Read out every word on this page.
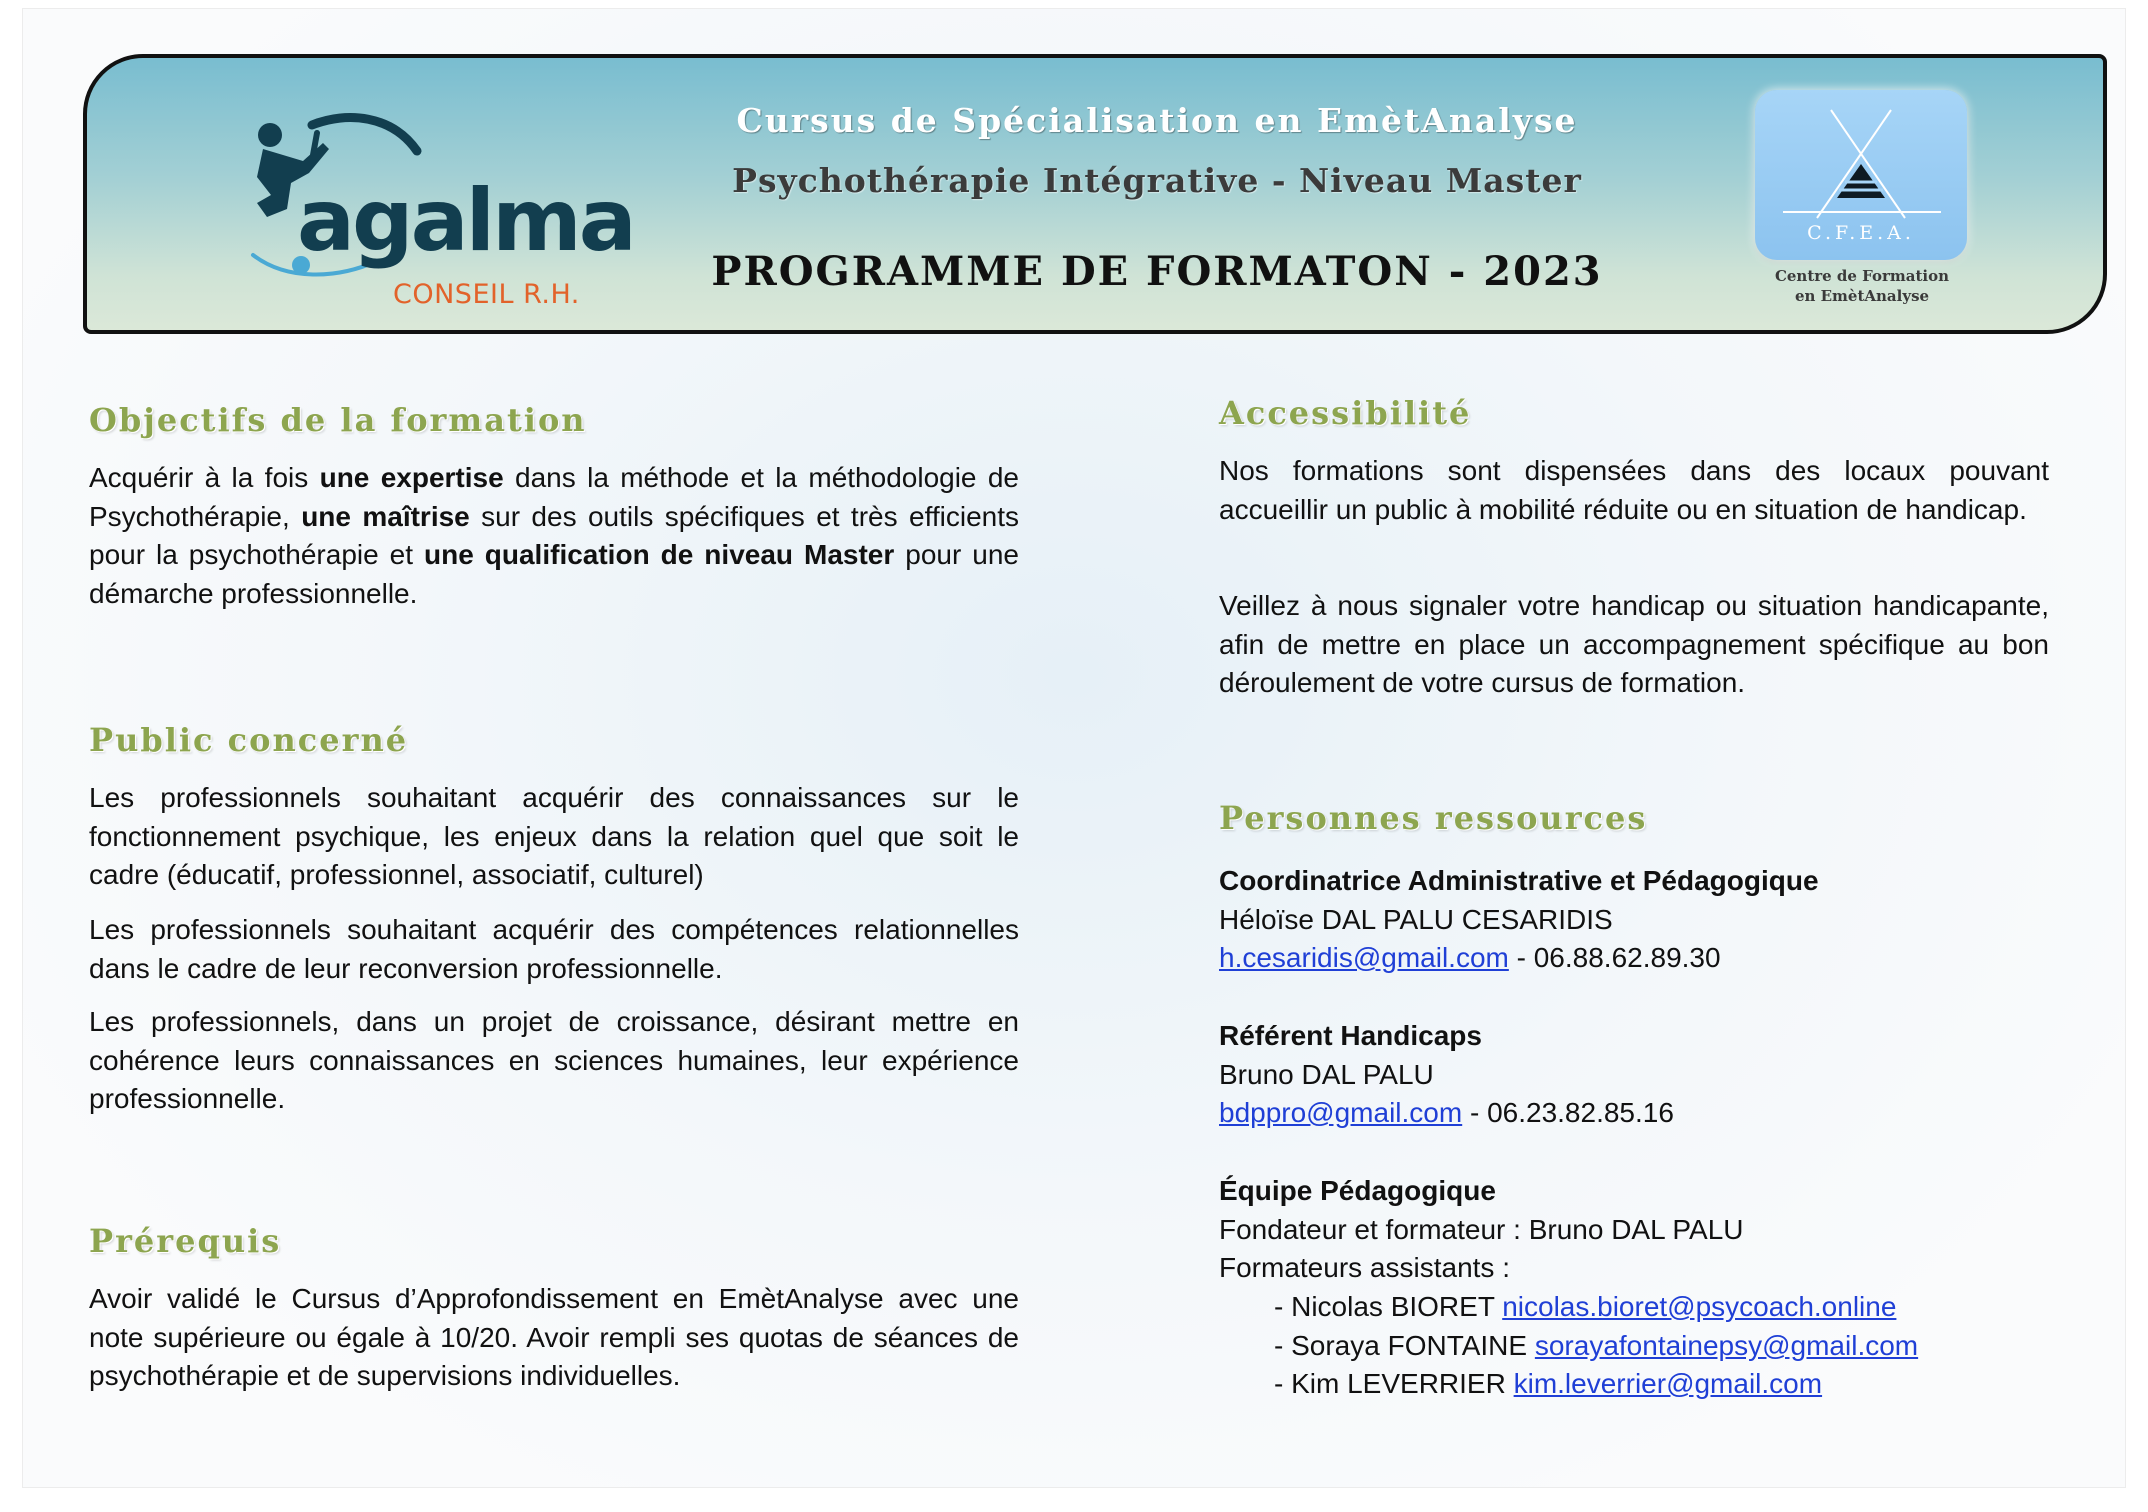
agalma
CONSEIL R.H.
Cursus de Spécialisation en EmètAnalyse
Psychothérapie Intégrative - Niveau Master
PROGRAMME DE FORMATON - 2023
C.F.E.A.
Centre de Formation
en EmètAnalyse
Objectifs de la formation

Acquérir à la fois une expertise dans la méthode et la méthodologie de Psychothérapie, une maîtrise sur des outils spécifiques et très efficients pour la psychothérapie et une qualification de niveau Master pour une démarche professionnelle.

Public concerné

Les professionnels souhaitant acquérir des connaissances sur le fonctionnement psychique, les enjeux dans la relation quel que soit le cadre (éducatif, professionnel, associatif, culturel)

Les professionnels souhaitant acquérir des compétences relationnelles dans le cadre de leur reconversion professionnelle.

Les professionnels, dans un projet de croissance, désirant mettre en cohérence leurs connaissances en sciences humaines, leur expérience professionnelle.

Prérequis

Avoir validé le Cursus d’Approfondissement en EmètAnalyse avec une note supérieure ou égale à 10/20. Avoir rempli ses quotas de séances de psychothérapie et de supervisions individuelles.

Accessibilité

Nos formations sont dispensées dans des locaux pouvant accueillir un public à mobilité réduite ou en situation de handicap.

Veillez à nous signaler votre handicap ou situation handicapante, afin de mettre en place un accompagnement spécifique au bon déroulement de votre cursus de formation.

Personnes ressources
Coordinatrice Administrative et Pédagogique
Héloïse DAL PALU CESARIDIS
h.cesaridis@gmail.com - 06.88.62.89.30
Référent Handicaps
Bruno DAL PALU
bdppro@gmail.com - 06.23.82.85.16
Équipe Pédagogique
Fondateur et formateur : Bruno DAL PALU
Formateurs assistants :
- Nicolas BIORET nicolas.bioret@psycoach.online
- Soraya FONTAINE sorayafontainepsy@gmail.com
- Kim LEVERRIER kim.leverrier@gmail.com
